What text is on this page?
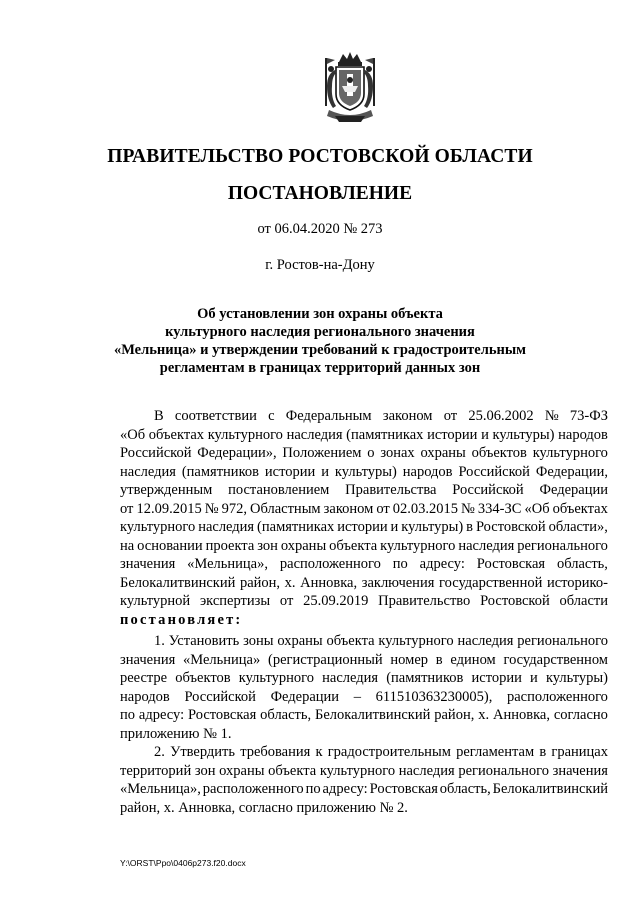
ПРАВИТЕЛЬСТВО РОСТОВСКОЙ ОБЛАСТИ
ПОСТАНОВЛЕНИЕ
от 06.04.2020 № 273
г. Ростов-на-Дону
Об установлении зон охраны объекта
культурного наследия регионального значения
«Мельница» и утверждении требований к градостроительным
регламентам в границах территорий данных зон
В соответствии с Федеральным законом от 25.06.2002 № 73-ФЗ
«Об объектах культурного наследия (памятниках истории и культуры) народов
Российской Федерации», Положением о зонах охраны объектов культурного
наследия (памятников истории и культуры) народов Российской Федерации,
утвержденным постановлением Правительства Российской Федерации
от 12.09.2015 № 972, Областным законом от 02.03.2015 № 334-ЗС «Об объектах
культурного наследия (памятниках истории и культуры) в Ростовской области»,
на основании проекта зон охраны объекта культурного наследия регионального
значения «Мельница», расположенного по адресу: Ростовская область,
Белокалитвинский район, х. Анновка, заключения государственной историко-
культурной экспертизы от 25.09.2019 Правительство Ростовской области
постановляет:
1. Установить зоны охраны объекта культурного наследия регионального
значения «Мельница» (регистрационный номер в едином государственном
реестре объектов культурного наследия (памятников истории и культуры)
народов Российской Федерации – 611510363230005), расположенного
по адресу: Ростовская область, Белокалитвинский район, х. Анновка, согласно
приложению № 1.
2. Утвердить требования к градостроительным регламентам в границах
территорий зон охраны объекта культурного наследия регионального значения
«Мельница», расположенного по адресу: Ростовская область, Белокалитвинский
район, х. Анновка, согласно приложению № 2.
Y:\ORST\Ppo\0406p273.f20.docx
